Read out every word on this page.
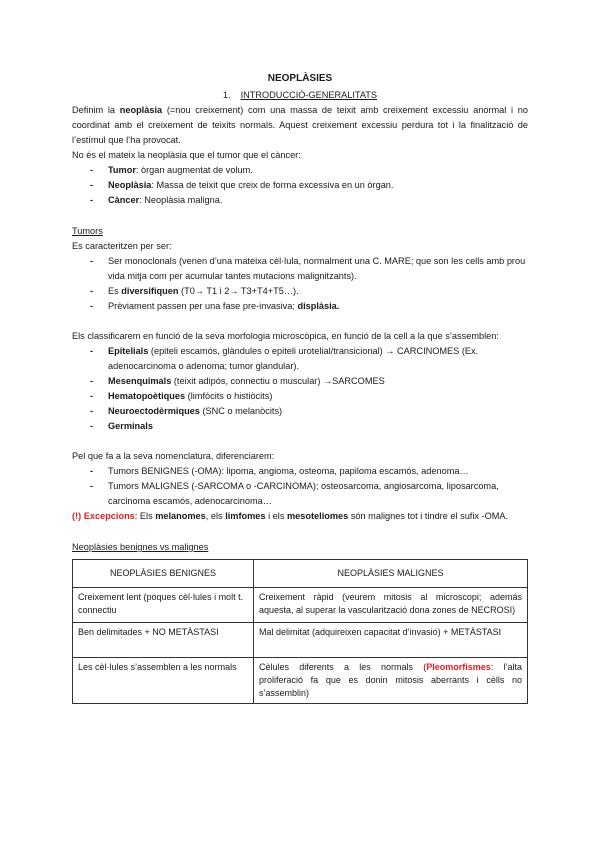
NEOPLÀSIES
1. INTRODUCCIÓ-GENERALITATS

Definim la neoplàsia (=nou creixement) com una massa de teixit amb creixement excessiu anormal i no coordinat amb el creixement de teixits normals. Aquest creixement excessiu perdura tot i la finalització de l’estímul que l’ha provocat.

No és el mateix la neoplàsia que el tumor que el càncer:

- Tumor: òrgan augmentat de volum.
- Neoplàsia: Massa de teixit que creix de forma excessiva en un òrgan.
- Càncer: Neoplàsia maligna.
Tumors

Es caracteritzen per ser:

- Ser monoclonals (venen d’una mateixa cèl·lula, normalment una C. MARE; que son les cells amb prou vida mitja com per acumular tantes mutacions malignitzants).
- Es diversifiquen (T0→ T1 i 2→ T3+T4+T5…).
- Prèviament passen per una fase pre-invasiva; displàsia.

Els classificarem en funció de la seva morfologia microscòpica, en funció de la cell a la que s’assemblen:

- Epitelials (epiteli escamós, glàndules o epiteli urotelial/transicional) → CARCINOMES (Ex. adenocarcinoma o adenoma; tumor glandular).
- Mesenquimals (teixit adipós, connectiu o muscular) →SARCOMES
- Hematopoètiques (limfòcits o histiòcits)
- Neuroectodèrmiques (SNC o melanòcits)
- Germinals

Pel que fa a la seva nomenclatura, diferenciarem:

- Tumors BENIGNES (-OMA): lipoma, angioma, osteoma, papiloma escamós, adenoma…
- Tumors MALIGNES (-SARCOMA o -CARCINOMA); osteosarcoma, angiosarcoma, liposarcoma, carcinoma escamós, adenocarcinoma…

(!) Excepcions: Els melanomes, els limfomes i els mesoteliomes són malignes tot i tindre el sufix -OMA.

Neoplàsies benignes vs malignes
NEOPLÀSIES BENIGNES	NEOPLÀSIES MALIGNES
Creixement lent (poques cèl·lules i molt t. connectiu	Creixement ràpid (veurem mitosis al microscopi; además aquesta, al superar la vascularització dona zones de NECROSI)
Ben delimitades + NO METÀSTASI	Mal delimitat (adquireixen capacitat d’invasió) + METÀSTASI
Les cèl·lules s’assemblen a les normals	Cèlules diferents a les normals (Pleomorfismes: l’alta proliferació fa que es donin mitosis aberrants i cèlls no s’assemblin)
